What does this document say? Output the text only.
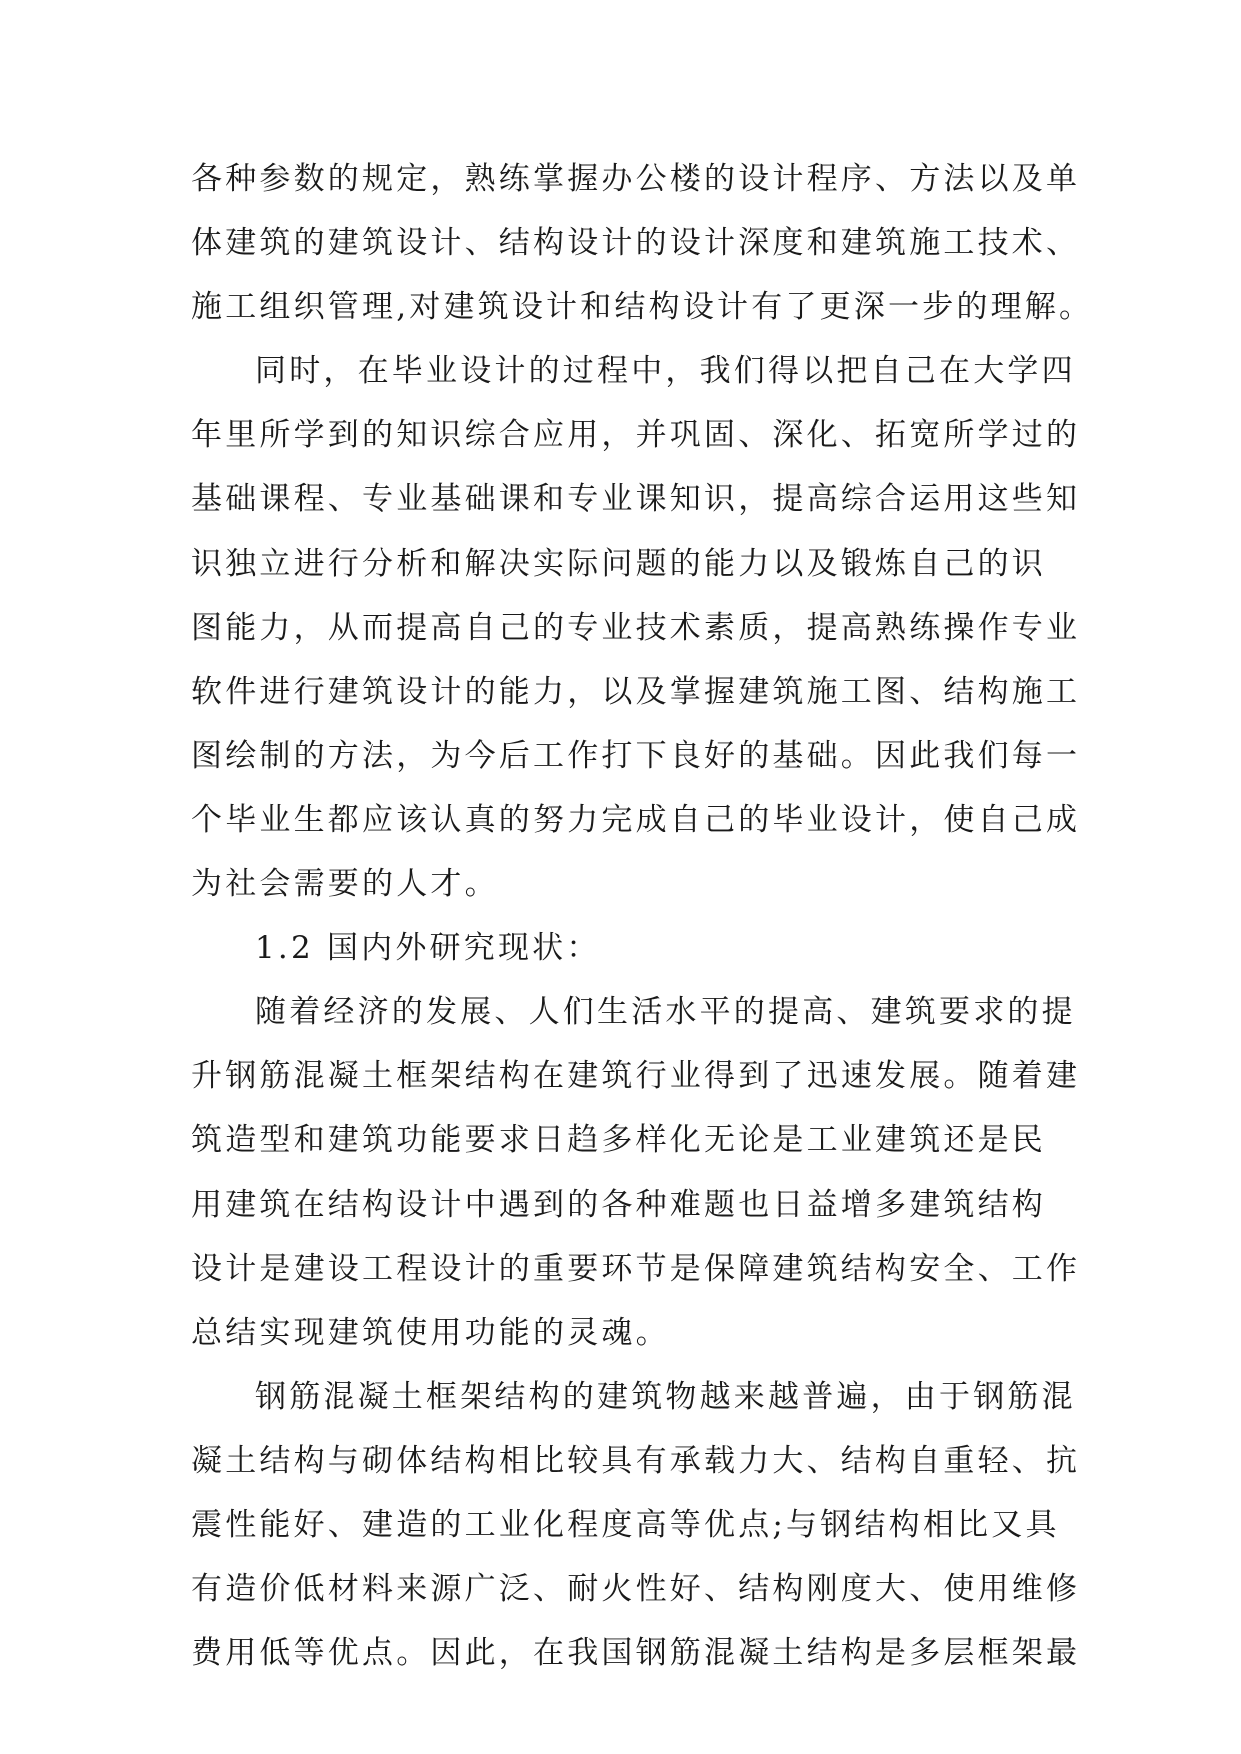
各种参数的规定，熟练掌握办公楼的设计程序、方法以及单
体建筑的建筑设计、结构设计的设计深度和建筑施工技术、
施工组织管理,对建筑设计和结构设计有了更深一步的理解。
同时，在毕业设计的过程中，我们得以把自己在大学四
年里所学到的知识综合应用，并巩固、深化、拓宽所学过的
基础课程、专业基础课和专业课知识，提高综合运用这些知
识独立进行分析和解决实际问题的能力以及锻炼自己的识
图能力，从而提高自己的专业技术素质，提高熟练操作专业
软件进行建筑设计的能力，以及掌握建筑施工图、结构施工
图绘制的方法，为今后工作打下良好的基础。因此我们每一
个毕业生都应该认真的努力完成自己的毕业设计，使自己成
为社会需要的人才。
1.2 国内外研究现状：
随着经济的发展、人们生活水平的提高、建筑要求的提
升钢筋混凝土框架结构在建筑行业得到了迅速发展。随着建
筑造型和建筑功能要求日趋多样化无论是工业建筑还是民
用建筑在结构设计中遇到的各种难题也日益增多建筑结构
设计是建设工程设计的重要环节是保障建筑结构安全、工作
总结实现建筑使用功能的灵魂。
钢筋混凝土框架结构的建筑物越来越普遍，由于钢筋混
凝土结构与砌体结构相比较具有承载力大、结构自重轻、抗
震性能好、建造的工业化程度高等优点;与钢结构相比又具
有造价低材料来源广泛、耐火性好、结构刚度大、使用维修
费用低等优点。因此，在我国钢筋混凝土结构是多层框架最
